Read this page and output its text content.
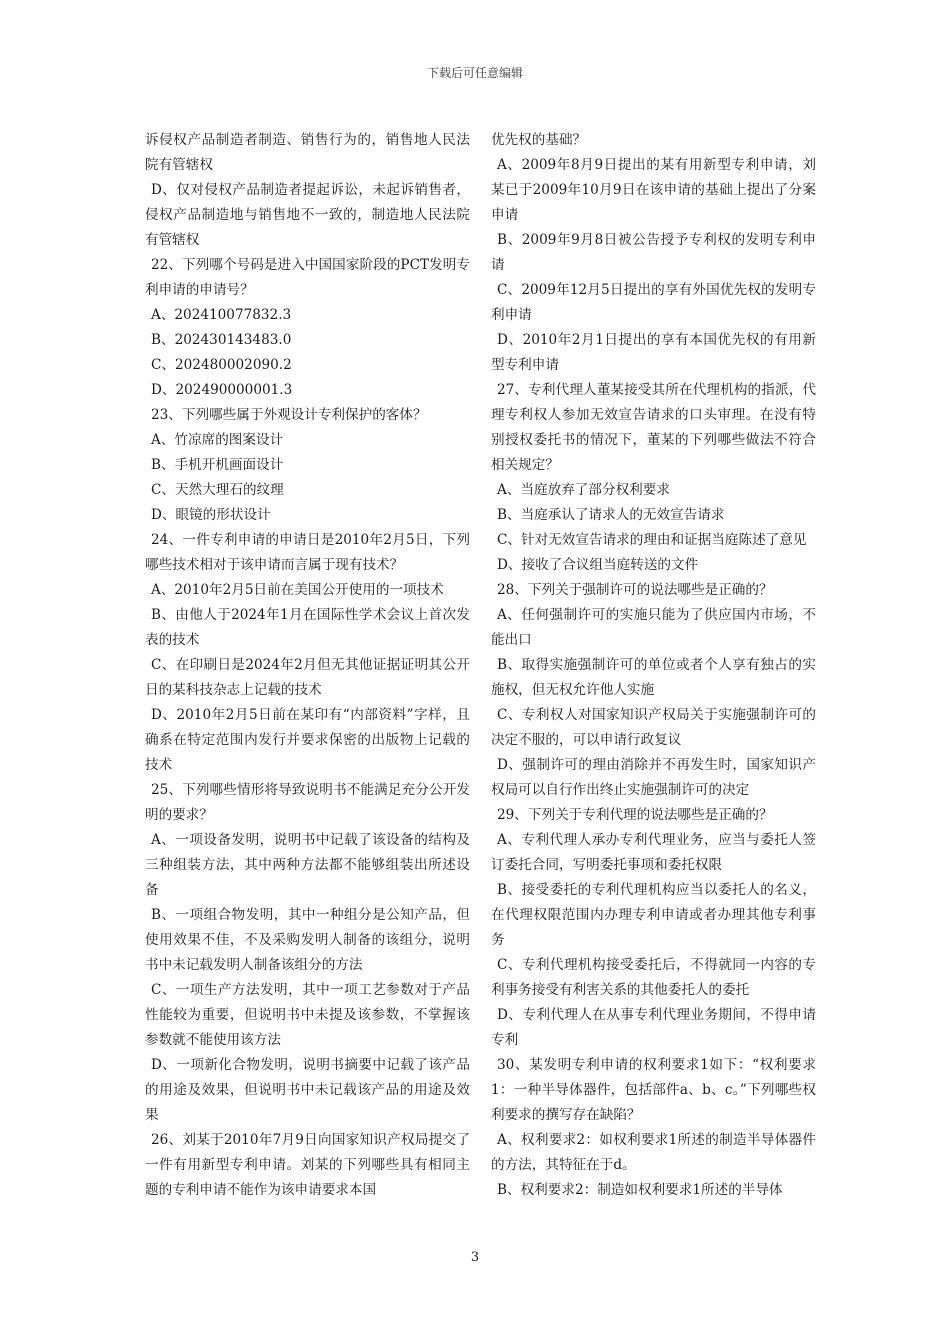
下载后可任意编辑

诉侵权产品制造者制造、销售行为的，销售地人民法院有管辖权

D、仅对侵权产品制造者提起诉讼，未起诉销售者，侵权产品制造地与销售地不一致的，制造地人民法院有管辖权

22、下列哪个号码是进入中国国家阶段的PCT发明专利申请的申请号？

A、202410077832.3

B、202430143483.0

C、202480002090.2

D、202490000001.3

23、下列哪些属于外观设计专利保护的客体？

A、竹凉席的图案设计

B、手机开机画面设计

C、天然大理石的纹理

D、眼镜的形状设计

24、一件专利申请的申请日是2010年2月5日，下列哪些技术相对于该申请而言属于现有技术？

A、2010年2月5日前在美国公开使用的一项技术

B、由他人于2024年1月在国际性学术会议上首次发表的技术

C、在印刷日是2024年2月但无其他证据证明其公开日的某科技杂志上记载的技术

D、2010年2月5日前在某印有“内部资料”字样，且确系在特定范围内发行并要求保密的出版物上记载的技术

25、下列哪些情形将导致说明书不能满足充分公开发明的要求？

A、一项设备发明，说明书中记载了该设备的结构及三种组装方法，其中两种方法都不能够组装出所述设备

B、一项组合物发明，其中一种组分是公知产品，但使用效果不佳，不及采购发明人制备的该组分，说明书中未记载发明人制备该组分的方法

C、一项生产方法发明，其中一项工艺参数对于产品性能较为重要，但说明书中未提及该参数，不掌握该参数就不能使用该方法

D、一项新化合物发明，说明书摘要中记载了该产品的用途及效果，但说明书中未记载该产品的用途及效果

26、刘某于2010年7月9日向国家知识产权局提交了一件有用新型专利申请。刘某的下列哪些具有相同主题的专利申请不能作为该申请要求本国

优先权的基础？

A、2009年8月9日提出的某有用新型专利申请，刘某已于2009年10月9日在该申请的基础上提出了分案申请

B、2009年9月8日被公告授予专利权的发明专利申请

C、2009年12月5日提出的享有外国优先权的发明专利申请

D、2010年2月1日提出的享有本国优先权的有用新型专利申请

27、专利代理人董某接受其所在代理机构的指派，代理专利权人参加无效宣告请求的口头审理。在没有特别授权委托书的情况下，董某的下列哪些做法不符合相关规定？

A、当庭放弃了部分权利要求

B、当庭承认了请求人的无效宣告请求

C、针对无效宣告请求的理由和证据当庭陈述了意见

D、接收了合议组当庭转送的文件

28、下列关于强制许可的说法哪些是正确的？

A、任何强制许可的实施只能为了供应国内市场，不能出口

B、取得实施强制许可的单位或者个人享有独占的实施权，但无权允许他人实施

C、专利权人对国家知识产权局关于实施强制许可的决定不服的，可以申请行政复议

D、强制许可的理由消除并不再发生时，国家知识产权局可以自行作出终止实施强制许可的决定

29、下列关于专利代理的说法哪些是正确的？

A、专利代理人承办专利代理业务，应当与委托人签订委托合同，写明委托事项和委托权限

B、接受委托的专利代理机构应当以委托人的名义，在代理权限范围内办理专利申请或者办理其他专利事务

C、专利代理机构接受委托后，不得就同一内容的专利事务接受有利害关系的其他委托人的委托

D、专利代理人在从事专利代理业务期间，不得申请专利

30、某发明专利申请的权利要求1如下：“权利要求1：一种半导体器件，包括部件a、b、c。”下列哪些权利要求的撰写存在缺陷？

A、权利要求2：如权利要求1所述的制造半导体器件的方法，其特征在于d。

B、权利要求2：制造如权利要求1所述的半导体

3
